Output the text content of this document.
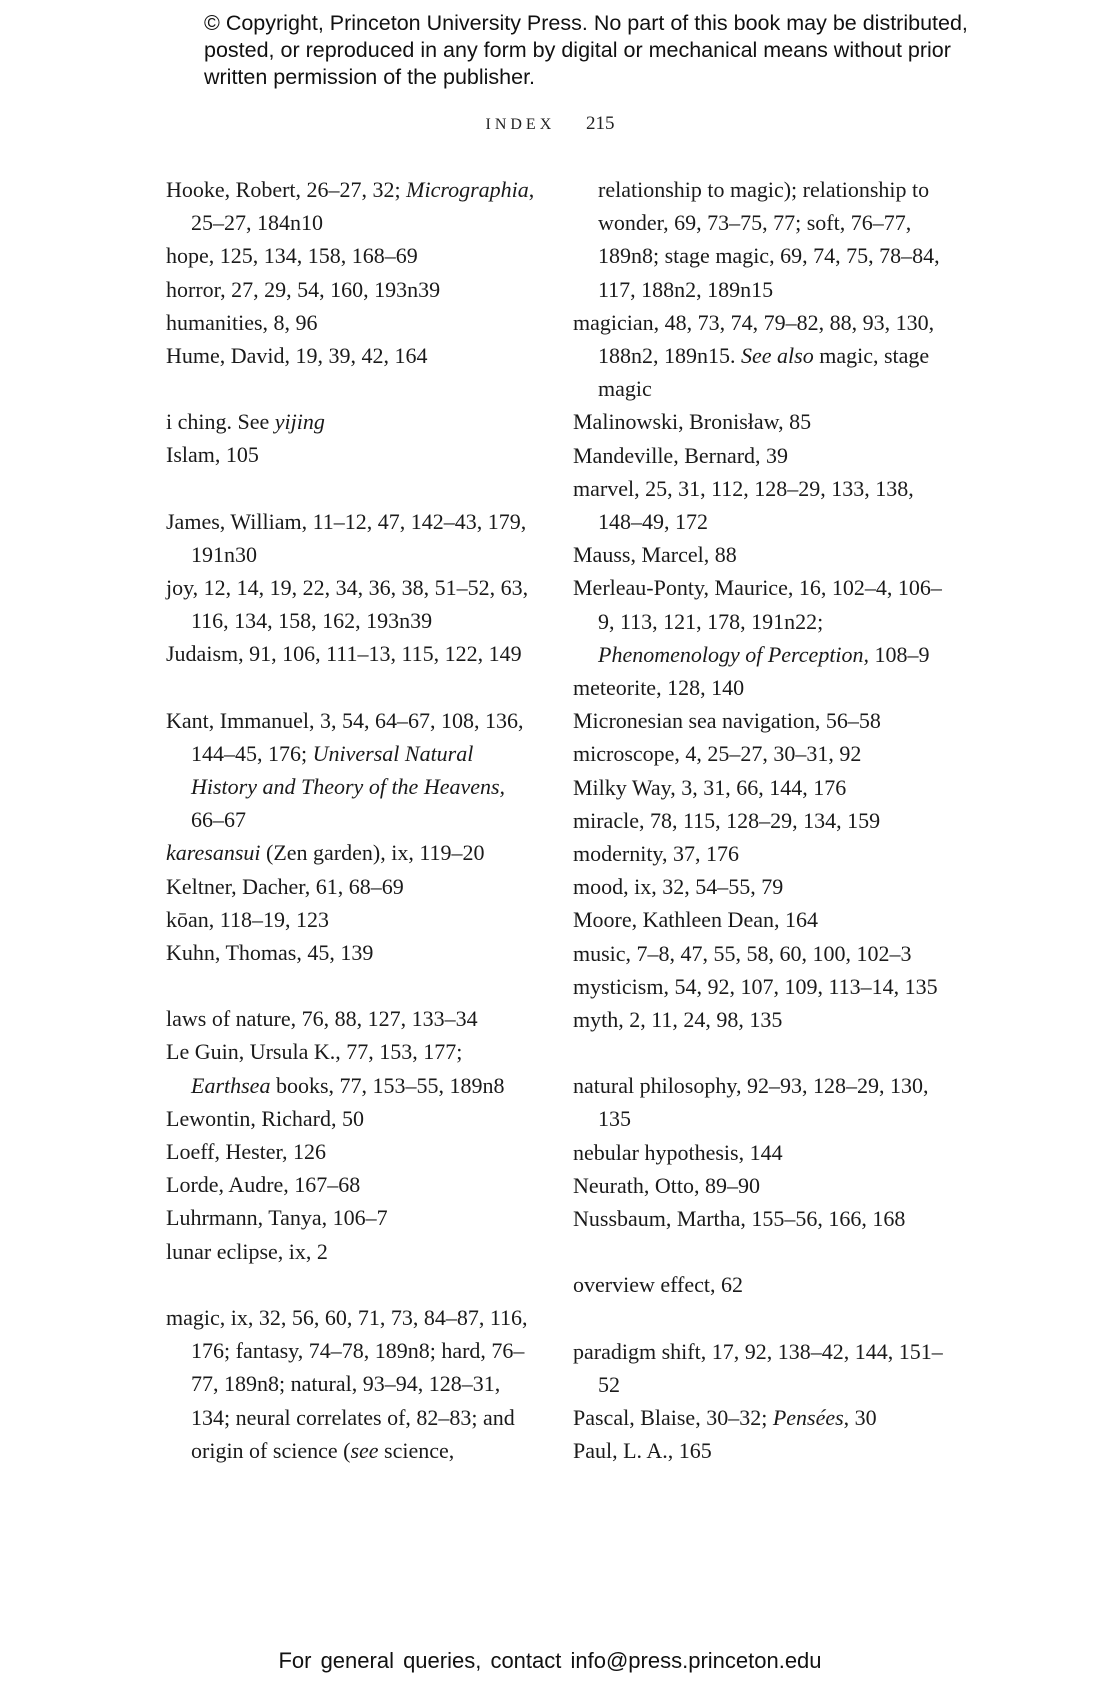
© Copyright, Princeton University Press. No part of this book may be distributed, posted, or reproduced in any form by digital or mechanical means without prior written permission of the publisher.
INDEX 215
Hooke, Robert, 26–27, 32; Micrographia, 25–27, 184n10
hope, 125, 134, 158, 168–69
horror, 27, 29, 54, 160, 193n39
humanities, 8, 96
Hume, David, 19, 39, 42, 164
i ching. See yijing
Islam, 105
James, William, 11–12, 47, 142–43, 179, 191n30
joy, 12, 14, 19, 22, 34, 36, 38, 51–52, 63, 116, 134, 158, 162, 193n39
Judaism, 91, 106, 111–13, 115, 122, 149
Kant, Immanuel, 3, 54, 64–67, 108, 136, 144–45, 176; Universal Natural History and Theory of the Heavens, 66–67
karesansui (Zen garden), ix, 119–20
Keltner, Dacher, 61, 68–69
kōan, 118–19, 123
Kuhn, Thomas, 45, 139
laws of nature, 76, 88, 127, 133–34
Le Guin, Ursula K., 77, 153, 177; Earthsea books, 77, 153–55, 189n8
Lewontin, Richard, 50
Loeff, Hester, 126
Lorde, Audre, 167–68
Luhrmann, Tanya, 106–7
lunar eclipse, ix, 2
magic, ix, 32, 56, 60, 71, 73, 84–87, 116, 176; fantasy, 74–78, 189n8; hard, 76–77, 189n8; natural, 93–94, 128–31, 134; neural correlates of, 82–83; and origin of science (see science,
relationship to magic); relationship to wonder, 69, 73–75, 77; soft, 76–77, 189n8; stage magic, 69, 74, 75, 78–84, 117, 188n2, 189n15
magician, 48, 73, 74, 79–82, 88, 93, 130, 188n2, 189n15. See also magic, stage magic
Malinowski, Bronisław, 85
Mandeville, Bernard, 39
marvel, 25, 31, 112, 128–29, 133, 138, 148–49, 172
Mauss, Marcel, 88
Merleau-Ponty, Maurice, 16, 102–4, 106–9, 113, 121, 178, 191n22; Phenomenology of Perception, 108–9
meteorite, 128, 140
Micronesian sea navigation, 56–58
microscope, 4, 25–27, 30–31, 92
Milky Way, 3, 31, 66, 144, 176
miracle, 78, 115, 128–29, 134, 159
modernity, 37, 176
mood, ix, 32, 54–55, 79
Moore, Kathleen Dean, 164
music, 7–8, 47, 55, 58, 60, 100, 102–3
mysticism, 54, 92, 107, 109, 113–14, 135
myth, 2, 11, 24, 98, 135
natural philosophy, 92–93, 128–29, 130, 135
nebular hypothesis, 144
Neurath, Otto, 89–90
Nussbaum, Martha, 155–56, 166, 168
overview effect, 62
paradigm shift, 17, 92, 138–42, 144, 151–52
Pascal, Blaise, 30–32; Pensées, 30
Paul, L. A., 165
For general queries, contact info@press.princeton.edu
